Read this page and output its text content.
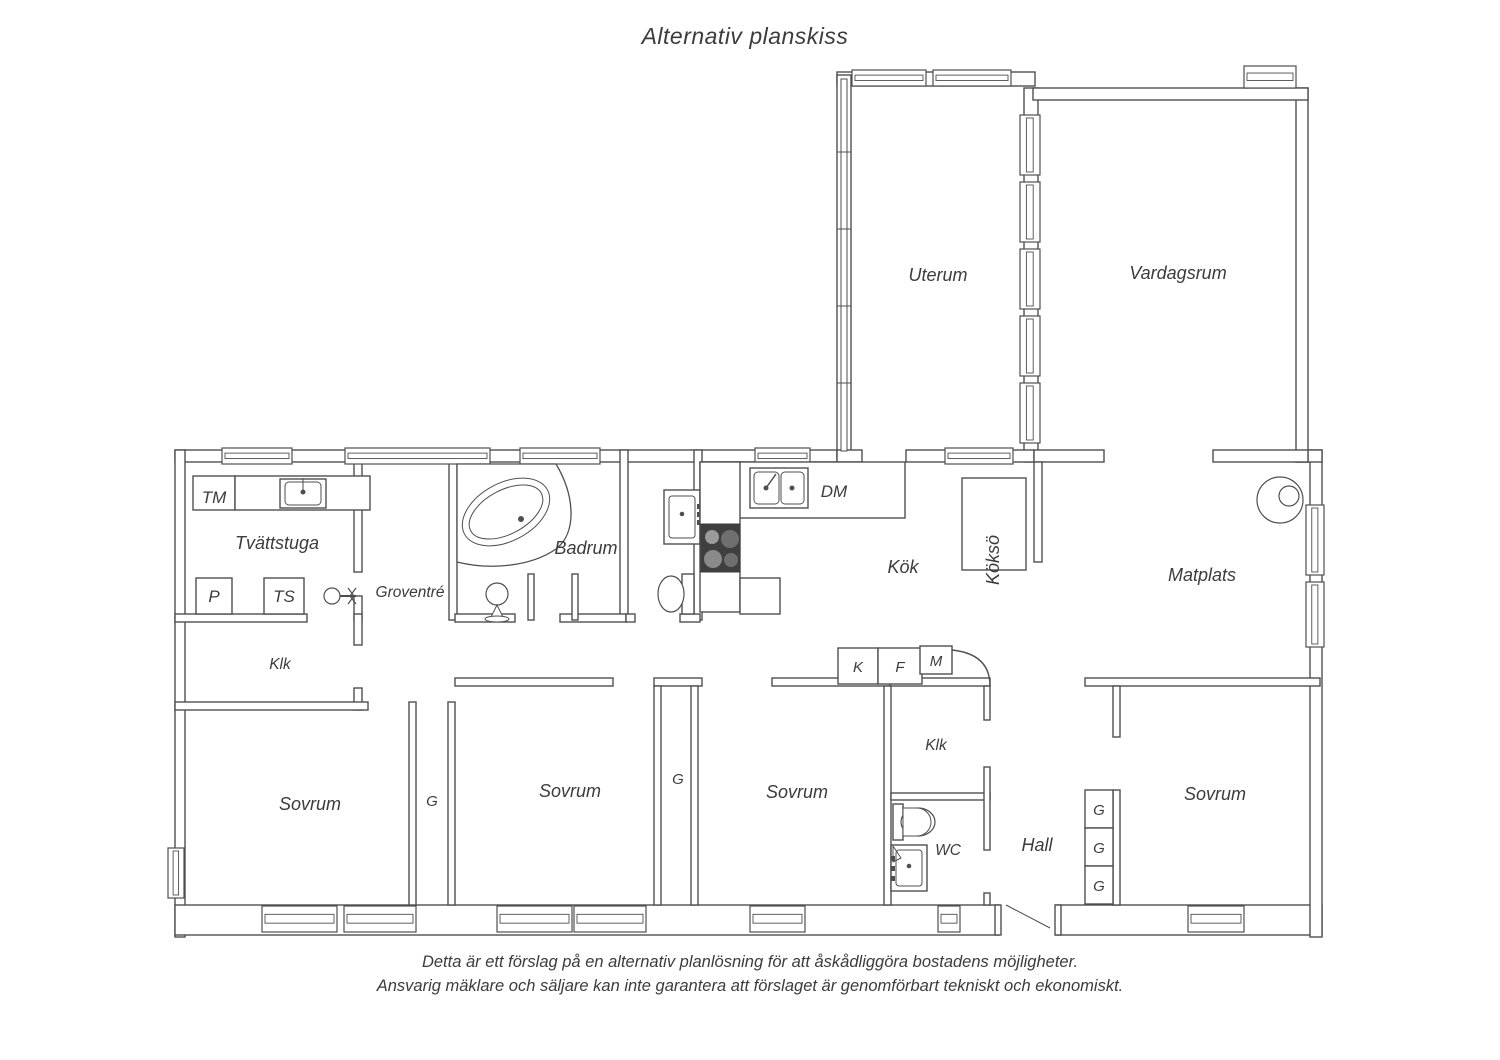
Alternativ planskiss
Uterum	Vardagsrum
Tvättstuga
Groventré
Badrum
Kök	Matplats
Klk
Sovrum
Sovrum	Sovrum	Sovrum
Klk
WC	Hall
Köksö
TM
P	TS
DM
K F M
G
G
G
G
G
Detta är ett förslag på en alternativ planlösning för att åskådliggöra bostadens möjligheter.
Ansvarig mäklare och säljare kan inte garantera att förslaget är genomförbart tekniskt och ekonomiskt.
